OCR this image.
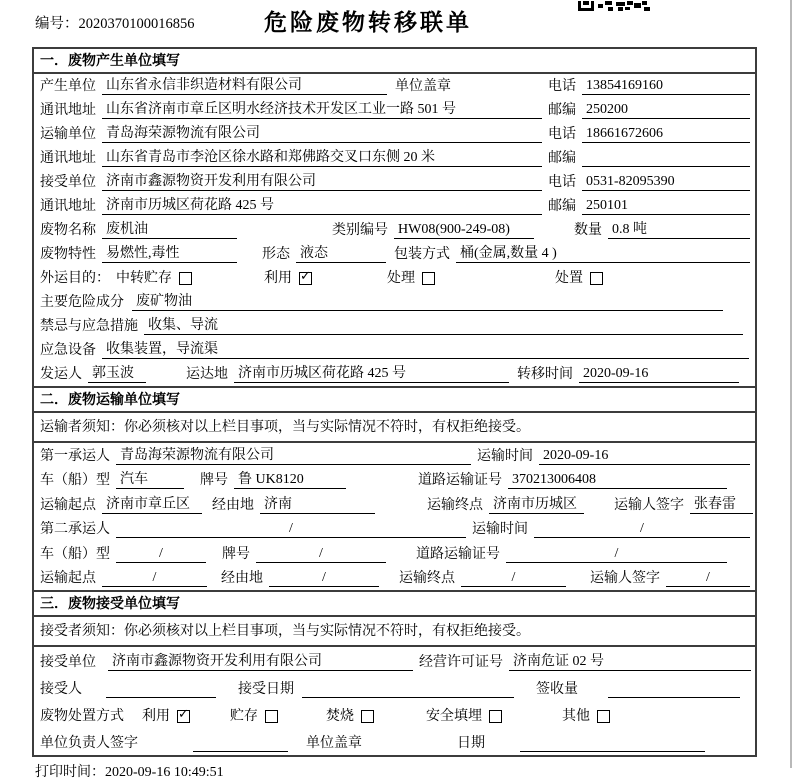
编号：2020370100016856	危险废物转移联单
一．废物产生单位填写
产生单位 山东省永信非织造材料有限公司	单位盖章	电话 13854169160
通讯地址 山东省济南市章丘区明水经济技术开发区工业一路 501 号	邮编 250200
运输单位 青岛海荣源物流有限公司	电话 18661672606
通讯地址 山东省青岛市李沧区徐水路和郑佛路交叉口东侧 20 米	邮编
接受单位 济南市鑫源物资开发利用有限公司	电话 0531-82095390
通讯地址 济南市历城区荷花路 425 号	邮编 250101
废物名称 废机油	类别编号 HW08(900-249-08)	数量 0.8 吨
废物特性 易燃性,毒性	形态 液态	包装方式 桶(金属,数量 4 )
外运目的： 中转贮存	利用 ✓	处理	处置
主要危险成分 废矿物油
禁忌与应急措施 收集、导流
应急设备 收集装置，导流渠
发运人 郭玉波	运达地 济南市历城区荷花路 425 号	转移时间 2020-09-16
二．废物运输单位填写
运输者须知：你必须核对以上栏目事项，当与实际情况不符时，有权拒绝接受。
第一承运人 青岛海荣源物流有限公司	运输时间 2020-09-16
车（船）型 汽车	牌号 鲁 UK8120	道路运输证号 370213006408
运输起点 济南市章丘区	经由地 济南	运输终点 济南市历城区	运输人签字 张春雷
第二承运人	/	运输时间	/
车（船）型	/	牌号	/	道路运输证号	/
运输起点	/	经由地	/	运输终点	/	运输人签字	/
三．废物接受单位填写
接受者须知：你必须核对以上栏目事项，当与实际情况不符时，有权拒绝接受。
接受单位 济南市鑫源物资开发利用有限公司	经营许可证号 济南危证 02 号
接受人	接受日期	签收量
废物处置方式 利用 ✓	贮存	焚烧	安全填埋	其他
单位负责人签字	单位盖章	日期
打印时间：2020-09-16 10:49:51
